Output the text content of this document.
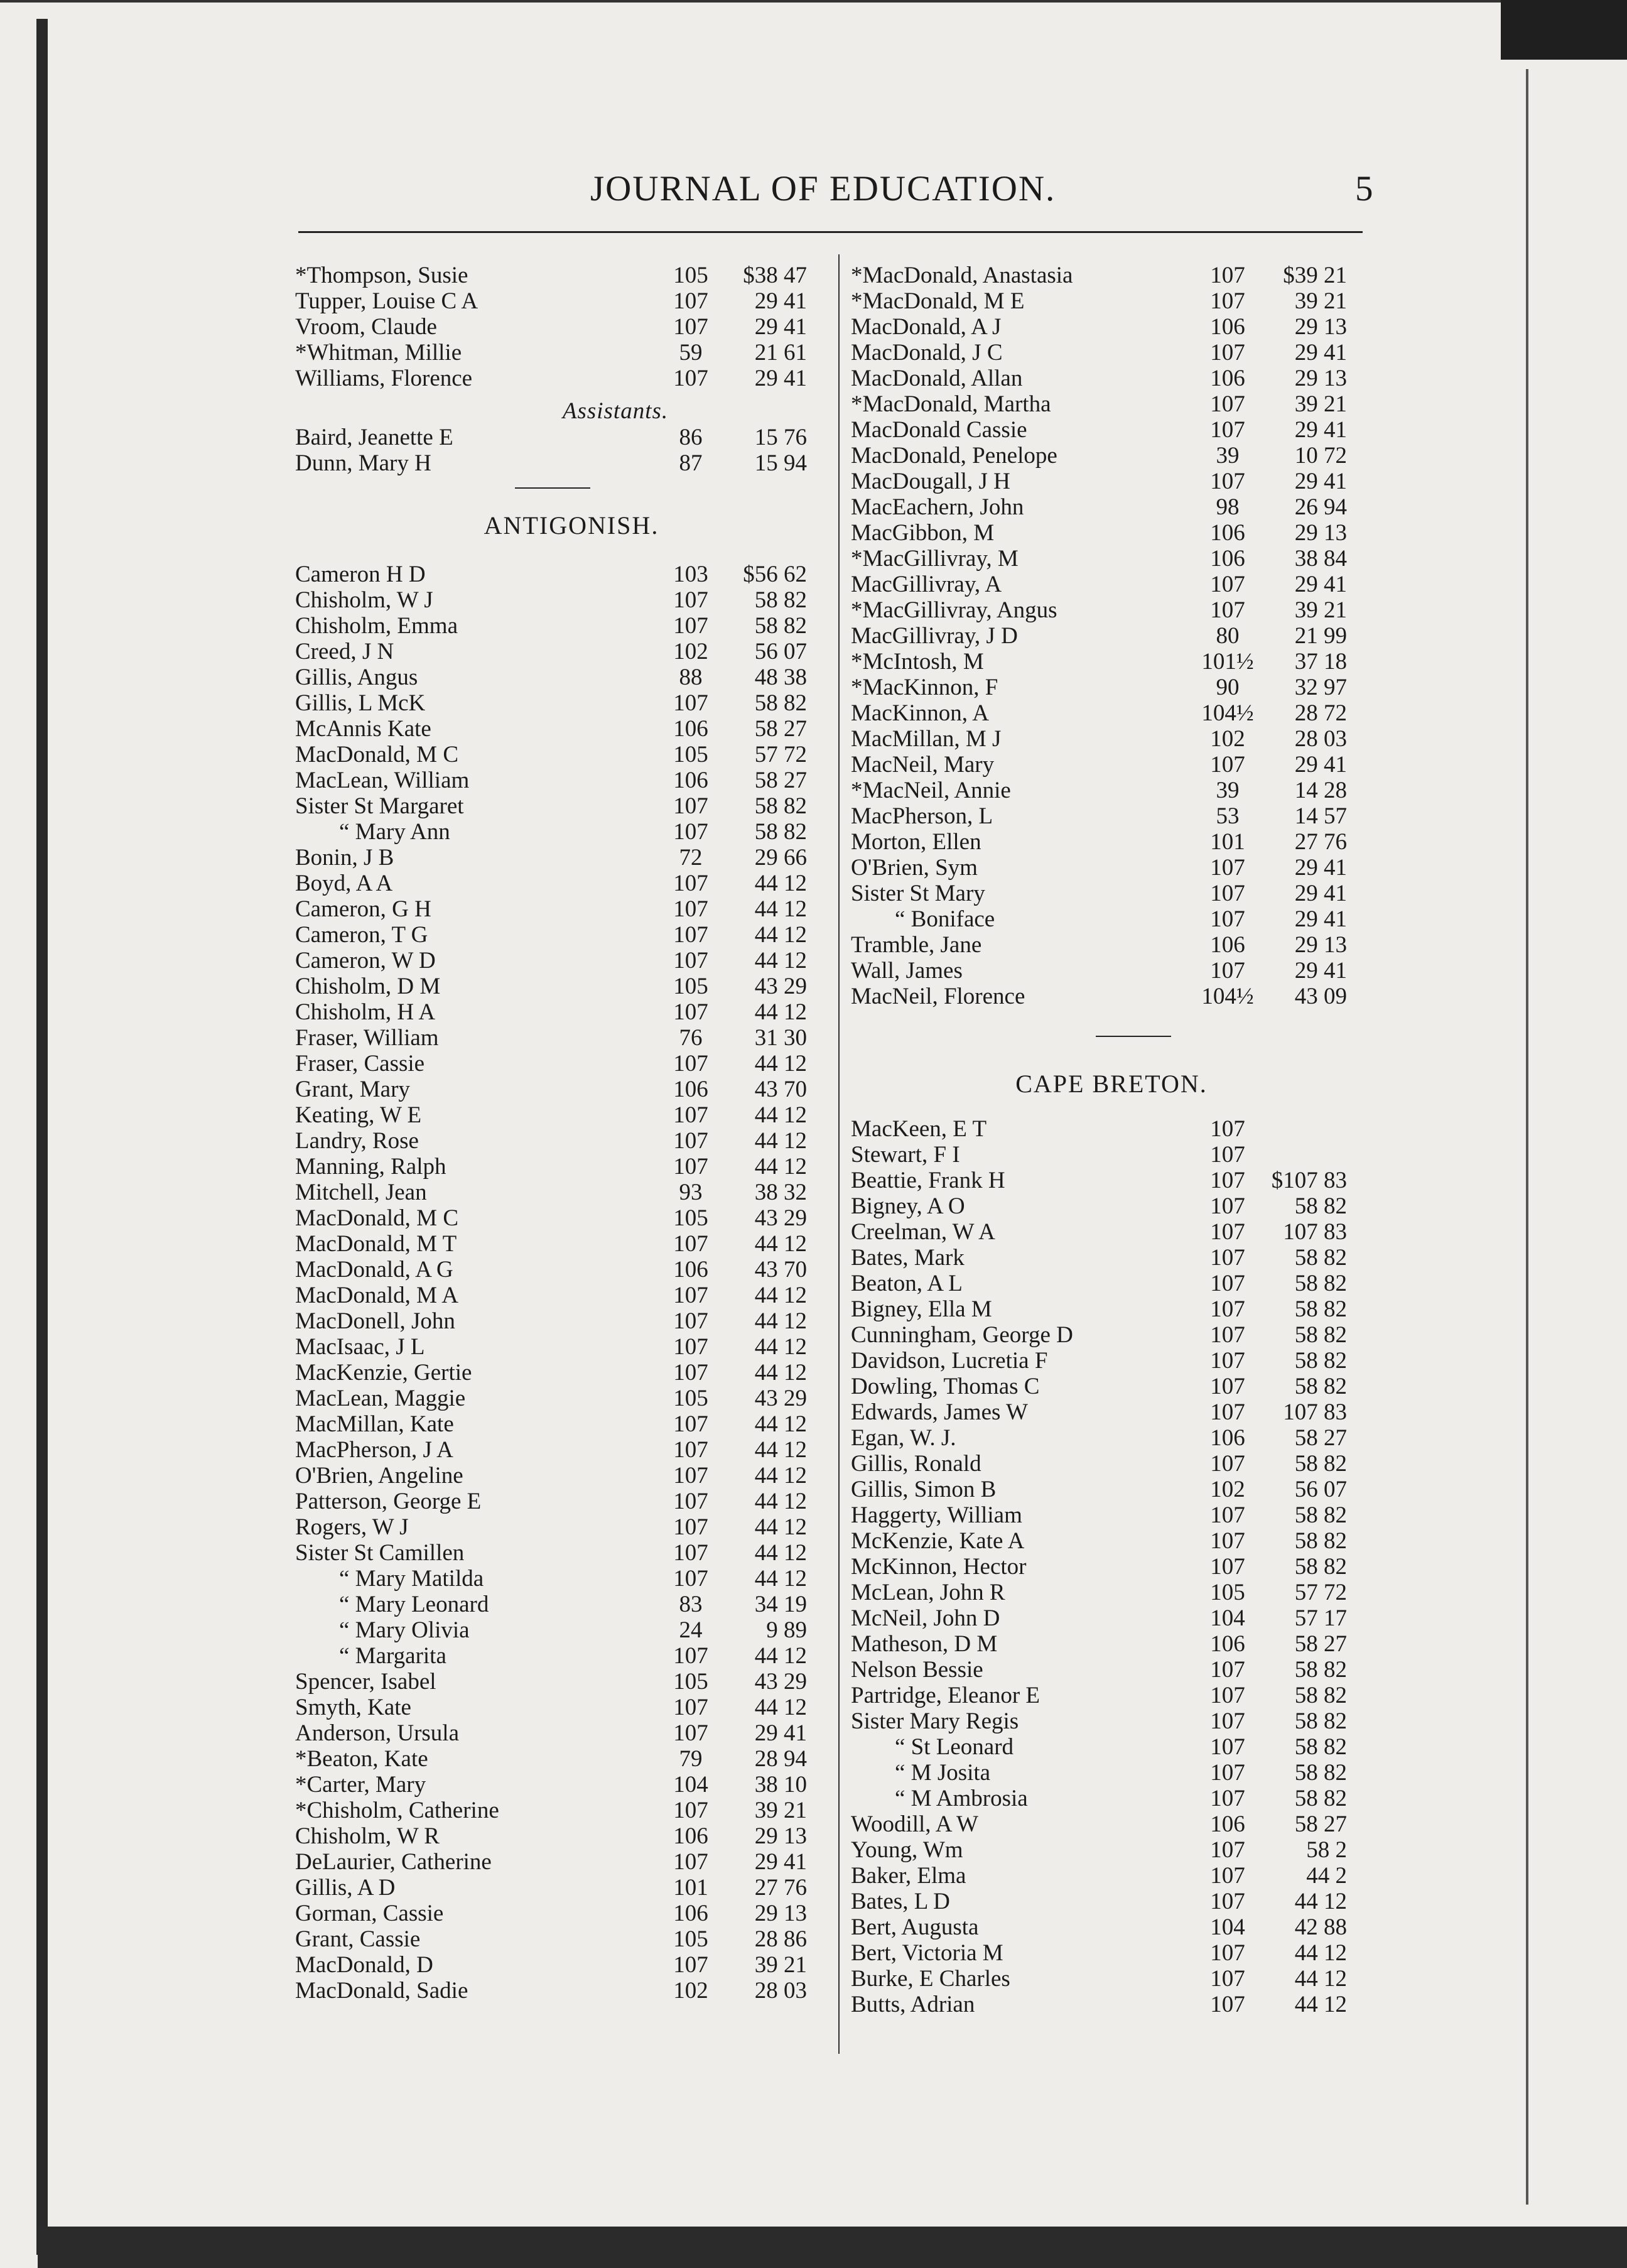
JOURNAL OF EDUCATION.	5
*Thompson, Susie	105	$38 47
Tupper, Louise C A	107	29 41
Vroom, Claude	107	29 41
*Whitman, Millie	59	21 61
Williams, Florence	107	29 41
Assistants.
Baird, Jeanette E	86	15 76
Dunn, Mary H	87	15 94
ANTIGONISH.
Cameron H D	103	$56 62
Chisholm, W J	107	58 82
Chisholm, Emma	107	58 82
Creed, J N	102	56 07
Gillis, Angus	88	48 38
Gillis, L McK	107	58 82
McAnnis Kate	106	58 27
MacDonald, M C	105	57 72
MacLean, William	106	58 27
Sister St Margaret	107	58 82
“ Mary Ann	107	58 82
Bonin, J B	72	29 66
Boyd, A A	107	44 12
Cameron, G H	107	44 12
Cameron, T G	107	44 12
Cameron, W D	107	44 12
Chisholm, D M	105	43 29
Chisholm, H A	107	44 12
Fraser, William	76	31 30
Fraser, Cassie	107	44 12
Grant, Mary	106	43 70
Keating, W E	107	44 12
Landry, Rose	107	44 12
Manning, Ralph	107	44 12
Mitchell, Jean	93	38 32
MacDonald, M C	105	43 29
MacDonald, M T	107	44 12
MacDonald, A G	106	43 70
MacDonald, M A	107	44 12
MacDonell, John	107	44 12
MacIsaac, J L	107	44 12
MacKenzie, Gertie	107	44 12
MacLean, Maggie	105	43 29
MacMillan, Kate	107	44 12
MacPherson, J A	107	44 12
O'Brien, Angeline	107	44 12
Patterson, George E	107	44 12
Rogers, W J	107	44 12
Sister St Camillen	107	44 12
“ Mary Matilda	107	44 12
“ Mary Leonard	83	34 19
“ Mary Olivia	24	9 89
“ Margarita	107	44 12
Spencer, Isabel	105	43 29
Smyth, Kate	107	44 12
Anderson, Ursula	107	29 41
*Beaton, Kate	79	28 94
*Carter, Mary	104	38 10
*Chisholm, Catherine	107	39 21
Chisholm, W R	106	29 13
DeLaurier, Catherine	107	29 41
Gillis, A D	101	27 76
Gorman, Cassie	106	29 13
Grant, Cassie	105	28 86
MacDonald, D	107	39 21
MacDonald, Sadie	102	28 03
*MacDonald, Anastasia	107	$39 21
*MacDonald, M E	107	39 21
MacDonald, A J	106	29 13
MacDonald, J C	107	29 41
MacDonald, Allan	106	29 13
*MacDonald, Martha	107	39 21
MacDonald Cassie	107	29 41
MacDonald, Penelope	39	10 72
MacDougall, J H	107	29 41
MacEachern, John	98	26 94
MacGibbon, M	106	29 13
*MacGillivray, M	106	38 84
MacGillivray, A	107	29 41
*MacGillivray, Angus	107	39 21
MacGillivray, J D	80	21 99
*McIntosh, M	101½	37 18
*MacKinnon, F	90	32 97
MacKinnon, A	104½	28 72
MacMillan, M J	102	28 03
MacNeil, Mary	107	29 41
*MacNeil, Annie	39	14 28
MacPherson, L	53	14 57
Morton, Ellen	101	27 76
O'Brien, Sym	107	29 41
Sister St Mary	107	29 41
“ Boniface	107	29 41
Tramble, Jane	106	29 13
Wall, James	107	29 41
MacNeil, Florence	104½	43 09
CAPE BRETON.
MacKeen, E T	107
Stewart, F I	107
Beattie, Frank H	107	$107 83
Bigney, A O	107	58 82
Creelman, W A	107	107 83
Bates, Mark	107	58 82
Beaton, A L	107	58 82
Bigney, Ella M	107	58 82
Cunningham, George D	107	58 82
Davidson, Lucretia F	107	58 82
Dowling, Thomas C	107	58 82
Edwards, James W	107	107 83
Egan, W. J.	106	58 27
Gillis, Ronald	107	58 82
Gillis, Simon B	102	56 07
Haggerty, William	107	58 82
McKenzie, Kate A	107	58 82
McKinnon, Hector	107	58 82
McLean, John R	105	57 72
McNeil, John D	104	57 17
Matheson, D M	106	58 27
Nelson Bessie	107	58 82
Partridge, Eleanor E	107	58 82
Sister Mary Regis	107	58 82
“ St Leonard	107	58 82
“ M Josita	107	58 82
“ M Ambrosia	107	58 82
Woodill, A W	106	58 27
Young, Wm	107	58 2
Baker, Elma	107	44 2
Bates, L D	107	44 12
Bert, Augusta	104	42 88
Bert, Victoria M	107	44 12
Burke, E Charles	107	44 12
Butts, Adrian	107	44 12
